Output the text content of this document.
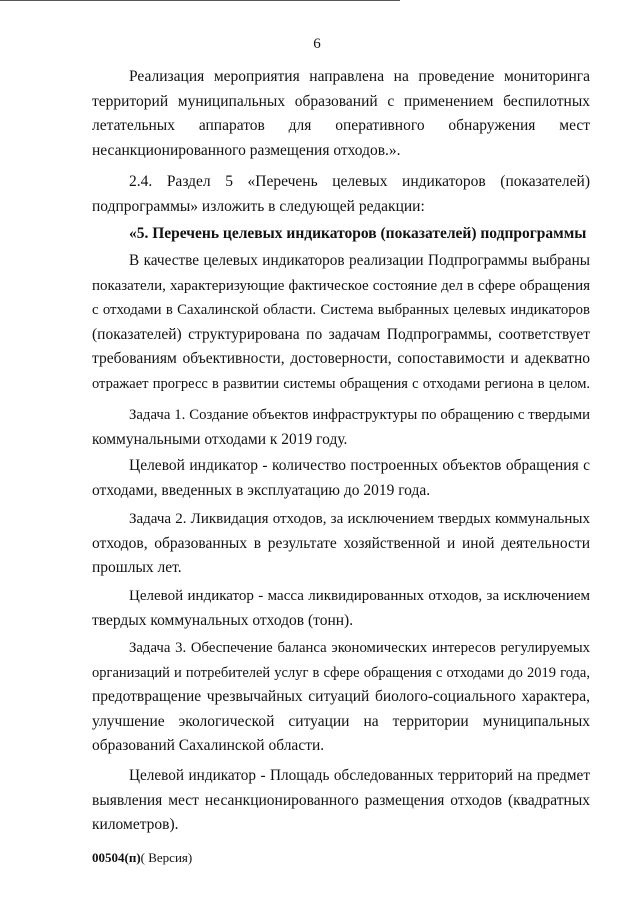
6

Реализация мероприятия направлена на проведение мониторинга

территорий муниципальных образований с применением беспилотных

летательных аппаратов для оперативного обнаружения мест

несанкционированного размещения отходов.».

2.4. Раздел 5 «Перечень целевых индикаторов (показателей)

подпрограммы» изложить в следующей редакции:

«5. Перечень целевых индикаторов (показателей) подпрограммы

В качестве целевых индикаторов реализации Подпрограммы выбраны

показатели, характеризующие фактическое состояние дел в сфере обращения

с отходами в Сахалинской области. Система выбранных целевых индикаторов

(показателей) структурирована по задачам Подпрограммы, соответствует

требованиям объективности, достоверности, сопоставимости и адекватно

отражает прогресс в развитии системы обращения с отходами региона в целом.

Задача 1. Создание объектов инфраструктуры по обращению с твердыми

коммунальными отходами к 2019 году.

Целевой индикатор - количество построенных объектов обращения с

отходами, введенных в эксплуатацию до 2019 года.

Задача 2. Ликвидация отходов, за исключением твердых коммунальных

отходов, образованных в результате хозяйственной и иной деятельности

прошлых лет.

Целевой индикатор - масса ликвидированных отходов, за исключением

твердых коммунальных отходов (тонн).

Задача 3. Обеспечение баланса экономических интересов регулируемых

организаций и потребителей услуг в сфере обращения с отходами до 2019 года,

предотвращение чрезвычайных ситуаций биолого-социального характера,

улучшение экологической ситуации на территории муниципальных

образований Сахалинской области.

Целевой индикатор - Площадь обследованных территорий на предмет

выявления мест несанкционированного размещения отходов (квадратных

километров).

00504(п)( Версия)
